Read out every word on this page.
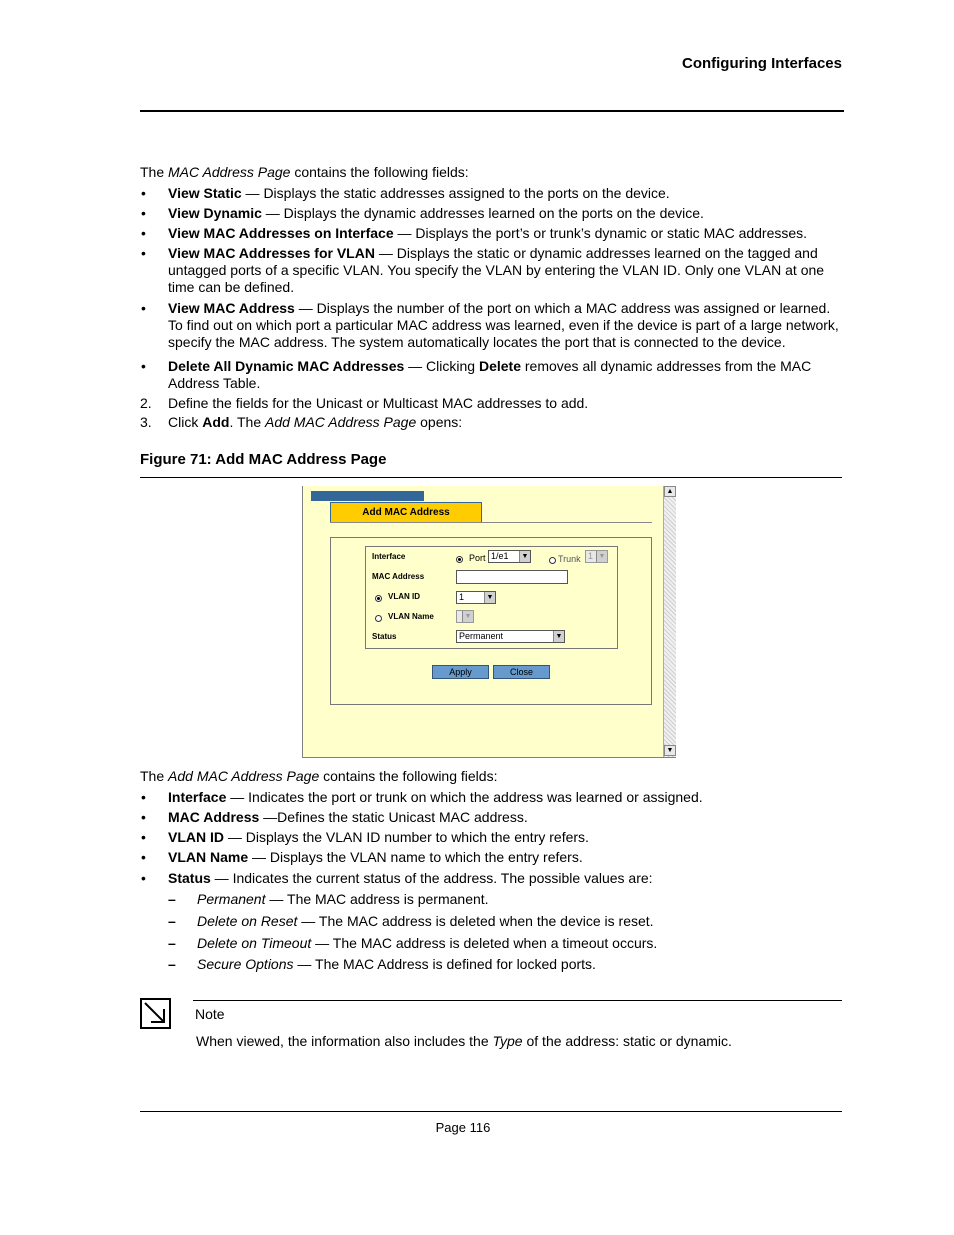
Configuring Interfaces
The MAC Address Page contains the following fields:
• View Static — Displays the static addresses assigned to the ports on the device.
• View Dynamic — Displays the dynamic addresses learned on the ports on the device.
• View MAC Addresses on Interface — Displays the port’s or trunk’s dynamic or static MAC addresses.
• View MAC Addresses for VLAN — Displays the static or dynamic addresses learned on the tagged and
untagged ports of a specific VLAN. You specify the VLAN by entering the VLAN ID. Only one VLAN at one
time can be defined.
• View MAC Address — Displays the number of the port on which a MAC address was assigned or learned.
To find out on which port a particular MAC address was learned, even if the device is part of a large network,
specify the MAC address. The system automatically locates the port that is connected to the device.
• Delete All Dynamic MAC Addresses — Clicking Delete removes all dynamic addresses from the MAC
Address Table.
2. Define the fields for the Unicast or Multicast MAC addresses to add.
3. Click Add. The Add MAC Address Page opens:
Figure 71: Add MAC Address Page
Add MAC Address
▲
▼
Interface	Port 1/e1	▼	Trunk 1 ▼
MAC Address
VLAN ID	1	▼
VLAN Name	▼
Status	Permanent	▼
Apply	Close
The Add MAC Address Page contains the following fields:
• Interface — Indicates the port or trunk on which the address was learned or assigned.
• MAC Address —Defines the static Unicast MAC address.
• VLAN ID — Displays the VLAN ID number to which the entry refers.
• VLAN Name — Displays the VLAN name to which the entry refers.
• Status — Indicates the current status of the address. The possible values are:
– Permanent — The MAC address is permanent.
– Delete on Reset — The MAC address is deleted when the device is reset.
– Delete on Timeout — The MAC address is deleted when a timeout occurs.
– Secure Options — The MAC Address is defined for locked ports.
Note
When viewed, the information also includes the Type of the address: static or dynamic.
Page 116
